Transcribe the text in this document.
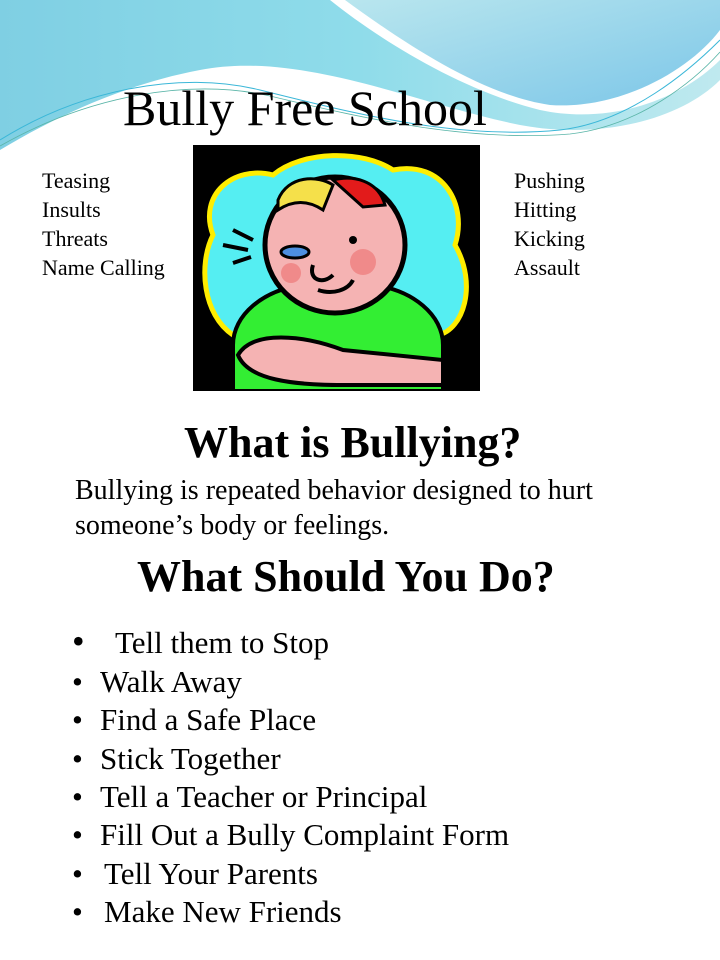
Bully Free School
Teasing
Insults
Threats
Name Calling
Pushing
Hitting
Kicking
Assault
What is Bullying?
Bullying is repeated behavior designed to hurt someone’s body or feelings.
What Should You Do?
• Tell them to Stop
• Walk Away
• Find a Safe Place
• Stick Together
• Tell a Teacher or Principal
• Fill Out a Bully Complaint Form
• Tell Your Parents
• Make New Friends
